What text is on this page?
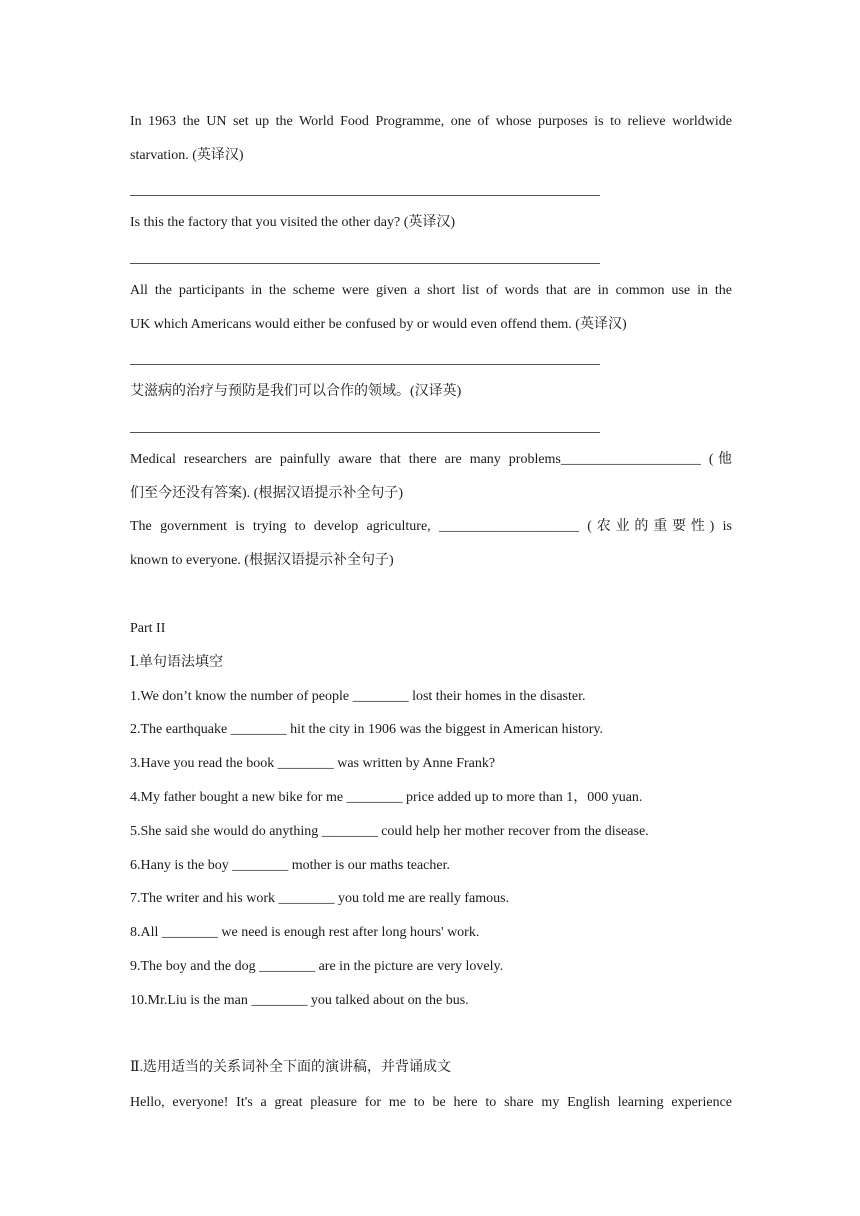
In 1963 the UN set up the World Food Programme, one of whose purposes is to relieve worldwide
starvation. (英译汉)
Is this the factory that you visited the other day? (英译汉)
All the participants in the scheme were given a short list of words that are in common use in the
UK which Americans would either be confused by or would even offend them. (英译汉)
艾滋病的治疗与预防是我们可以合作的领域。(汉译英)
Medical researchers are painfully aware that there are many problems____________________ (他
们至今还没有答案). (根据汉语提示补全句子)
The government is trying to develop agriculture, ____________________ (农业的重要性) is
known to everyone. (根据汉语提示补全句子)
Part II
Ⅰ.单句语法填空
1.We don’t know the number of people ________ lost their homes in the disaster.
2.The earthquake ________ hit the city in 1906 was the biggest in American history.
3.Have you read the book ________ was written by Anne Frank?
4.My father bought a new bike for me ________ price added up to more than 1，000 yuan.
5.She said she would do anything ________ could help her mother recover from the disease.
6.Hany is the boy ________ mother is our maths teacher.
7.The writer and his work ________ you told me are really famous.
8.All ________ we need is enough rest after long hours' work.
9.The boy and the dog ________ are in the picture are very lovely.
10.Mr.Liu is the man ________ you talked about on the bus.
Ⅱ.选用适当的关系词补全下面的演讲稿，并背诵成文
Hello, everyone! It's a great pleasure for me to be here to share my English learning experience
